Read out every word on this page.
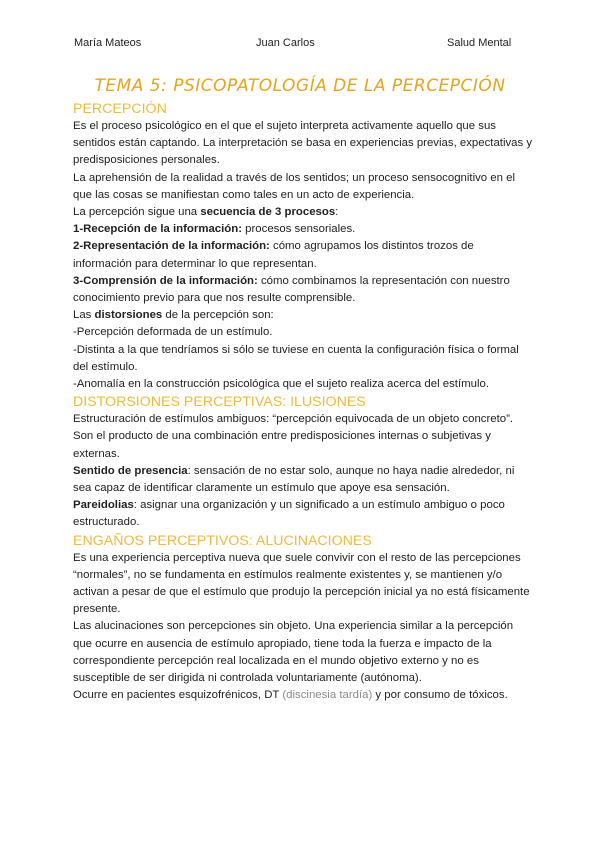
María Mateos	Juan Carlos	Salud Mental
TEMA 5: PSICOPATOLOGÍA DE LA PERCEPCIÓN
PERCEPCIÓN

Es el proceso psicológico en el que el sujeto interpreta activamente aquello que sus sentidos están captando. La interpretación se basa en experiencias previas, expectativas y predisposiciones personales.

La aprehensión de la realidad a través de los sentidos; un proceso sensocognitivo en el que las cosas se manifiestan como tales en un acto de experiencia.

La percepción sigue una secuencia de 3 procesos:

1-Recepción de la información: procesos sensoriales.

2-Representación de la información: cómo agrupamos los distintos trozos de información para determinar lo que representan.

3-Comprensión de la información: cómo combinamos la representación con nuestro conocimiento previo para que nos resulte comprensible.

Las distorsiones de la percepción son:

-Percepción deformada de un estímulo.

-Distinta a la que tendríamos si sólo se tuviese en cuenta la configuración física o formal del estímulo.

-Anomalía en la construcción psicológica que el sujeto realiza acerca del estímulo.

DISTORSIONES PERCEPTIVAS: ILUSIONES

Estructuración de estímulos ambiguos: “percepción equivocada de un objeto concreto”. Son el producto de una combinación entre predisposiciones internas o subjetivas y externas.

Sentido de presencia: sensación de no estar solo, aunque no haya nadie alrededor, ni sea capaz de identificar claramente un estímulo que apoye esa sensación.

Pareidolias: asignar una organización y un significado a un estímulo ambiguo o poco estructurado.

ENGAÑOS PERCEPTIVOS: ALUCINACIONES

Es una experiencia perceptiva nueva que suele convivir con el resto de las percepciones “normales”, no se fundamenta en estímulos realmente existentes y, se mantienen y/o activan a pesar de que el estímulo que produjo la percepción inicial ya no está físicamente presente.

Las alucinaciones son percepciones sin objeto. Una experiencia similar a la percepción que ocurre en ausencia de estímulo apropiado, tiene toda la fuerza e impacto de la correspondiente percepción real localizada en el mundo objetivo externo y no es susceptible de ser dirigida ni controlada voluntariamente (autónoma).

Ocurre en pacientes esquizofrénicos, DT (discinesia tardía) y por consumo de tóxicos.
